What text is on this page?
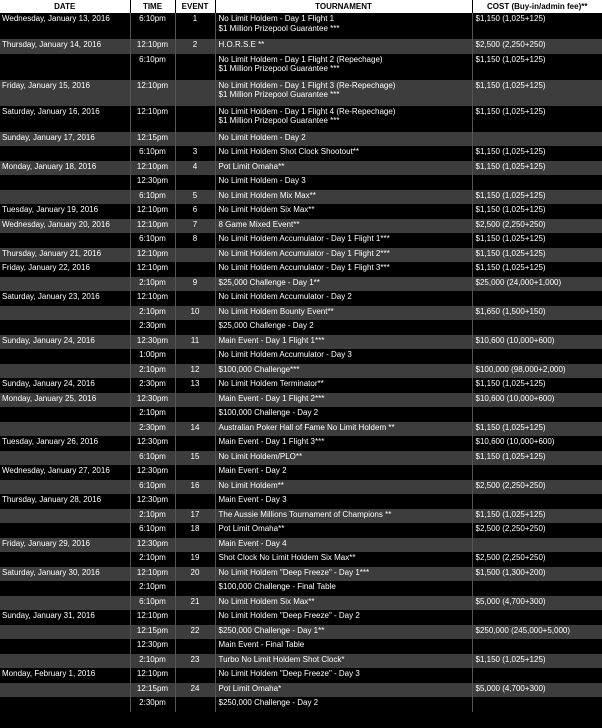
DATE	TIME	EVENT	TOURNAMENT	COST (Buy-in/admin fee)**
Wednesday, January 13, 2016	6:10pm	1	No Limit Holdem - Day 1 Flight 1
$1 Million Prizepool Guarantee ***	$1,150 (1,025+125)
Thursday, January 14, 2016	12:10pm	2	H.O.R.S.E **	$2,500 (2,250+250)
	6:10pm		No Limit Holdem - Day 1 Flight 2 (Repechage)
$1 Million Prizepool Guarantee ***	$1,150 (1,025+125)
Friday, January 15, 2016	12:10pm		No Limit Holdem - Day 1 Flight 3 (Re-Repechage)
$1 Million Prizepool Guarantee ***	$1,150 (1,025+125)
Saturday, January 16, 2016	12:10pm		No Limit Holdem - Day 1 Flight 4 (Re-Repechage)
$1 Million Prizepool Guarantee ***	$1,150 (1,025+125)
Sunday, January 17, 2016	12:15pm		No Limit Holdem - Day 2	
	6:10pm	3	No Limit Holdem Shot Clock Shootout**	$1,150 (1,025+125)
Monday, January 18, 2016	12:10pm	4	Pot Limit Omaha**	$1,150 (1,025+125)
	12:30pm		No Limit Holdem - Day 3	
	6:10pm	5	No Limit Holdem Mix Max**	$1,150 (1,025+125)
Tuesday, January 19, 2016	12:10pm	6	No Limit Holdem Six Max**	$1,150 (1,025+125)
Wednesday, January 20, 2016	12:10pm	7	8 Game Mixed Event**	$2,500 (2,250+250)
	6:10pm	8	No Limit Holdem Accumulator - Day 1 Flight 1***	$1,150 (1,025+125)
Thursday, January 21, 2016	12:10pm		No Limit Holdem Accumulator - Day 1 Flight 2***	$1,150 (1,025+125)
Friday, January 22, 2016	12:10pm		No Limit Holdem Accumulator - Day 1 Flight 3***	$1,150 (1,025+125)
	2:10pm	9	$25,000 Challenge - Day 1**	$25,000 (24,000+1,000)
Saturday, January 23, 2016	12:10pm		No Limit Holdem Accumulator - Day 2	
	2:10pm	10	No Limit Holdem Bounty Event**	$1,650 (1,500+150)
	2:30pm		$25,000 Challenge - Day 2	
Sunday, January 24, 2016	12:30pm	11	Main Event - Day 1 Flight 1***	$10,600 (10,000+600)
	1:00pm		No Limit Holdem Accumulator - Day 3	
	2:10pm	12	$100,000 Challenge***	$100,000 (98,000+2,000)
Sunday, January 24, 2016	2:30pm	13	No Limit Holdem Terminator**	$1,150 (1,025+125)
Monday, January 25, 2016	12:30pm		Main Event - Day 1 Flight 2***	$10,600 (10,000+600)
	2:10pm		$100,000 Challenge - Day 2	
	2:30pm	14	Australian Poker Hall of Fame No Limit Holdem **	$1,150 (1,025+125)
Tuesday, January 26, 2016	12:30pm		Main Event - Day 1 Flight 3***	$10,600 (10,000+600)
	6:10pm	15	No Limit Holdem/PLO**	$1,150 (1,025+125)
Wednesday, January 27, 2016	12:30pm		Main Event - Day 2	
	6:10pm	16	No Limit Holdem**	$2,500 (2,250+250)
Thursday, January 28, 2016	12:30pm		Main Event - Day 3	
	2:10pm	17	The Aussie Millions Tournament of Champions **	$1,150 (1,025+125)
	6:10pm	18	Pot Limit Omaha**	$2,500 (2,250+250)
Friday, January 29, 2016	12:30pm		Main Event - Day 4	
	2:10pm	19	Shot Clock No Limit Holdem Six Max**	$2,500 (2,250+250)
Saturday, January 30, 2016	12:10pm	20	No Limit Holdem "Deep Freeze" - Day 1***	$1,500 (1,300+200)
	2:10pm		$100,000 Challenge - Final Table	
	6:10pm	21	No Limit Holdem Six Max**	$5,000 (4,700+300)
Sunday, January 31, 2016	12:10pm		No Limit Holdem "Deep Freeze" - Day 2	
	12:15pm	22	$250,000 Challenge - Day 1**	$250,000 (245,000+5,000)
	12:30pm		Main Event - Final Table	
	2:10pm	23	Turbo No Limit Holdem Shot Clock*	$1,150 (1,025+125)
Monday, February 1, 2016	12:10pm		No Limit Holdem "Deep Freeze" - Day 3	
	12:15pm	24	Pot Limit Omaha*	$5,000 (4,700+300)
	2:30pm		$250,000 Challenge - Day 2	
